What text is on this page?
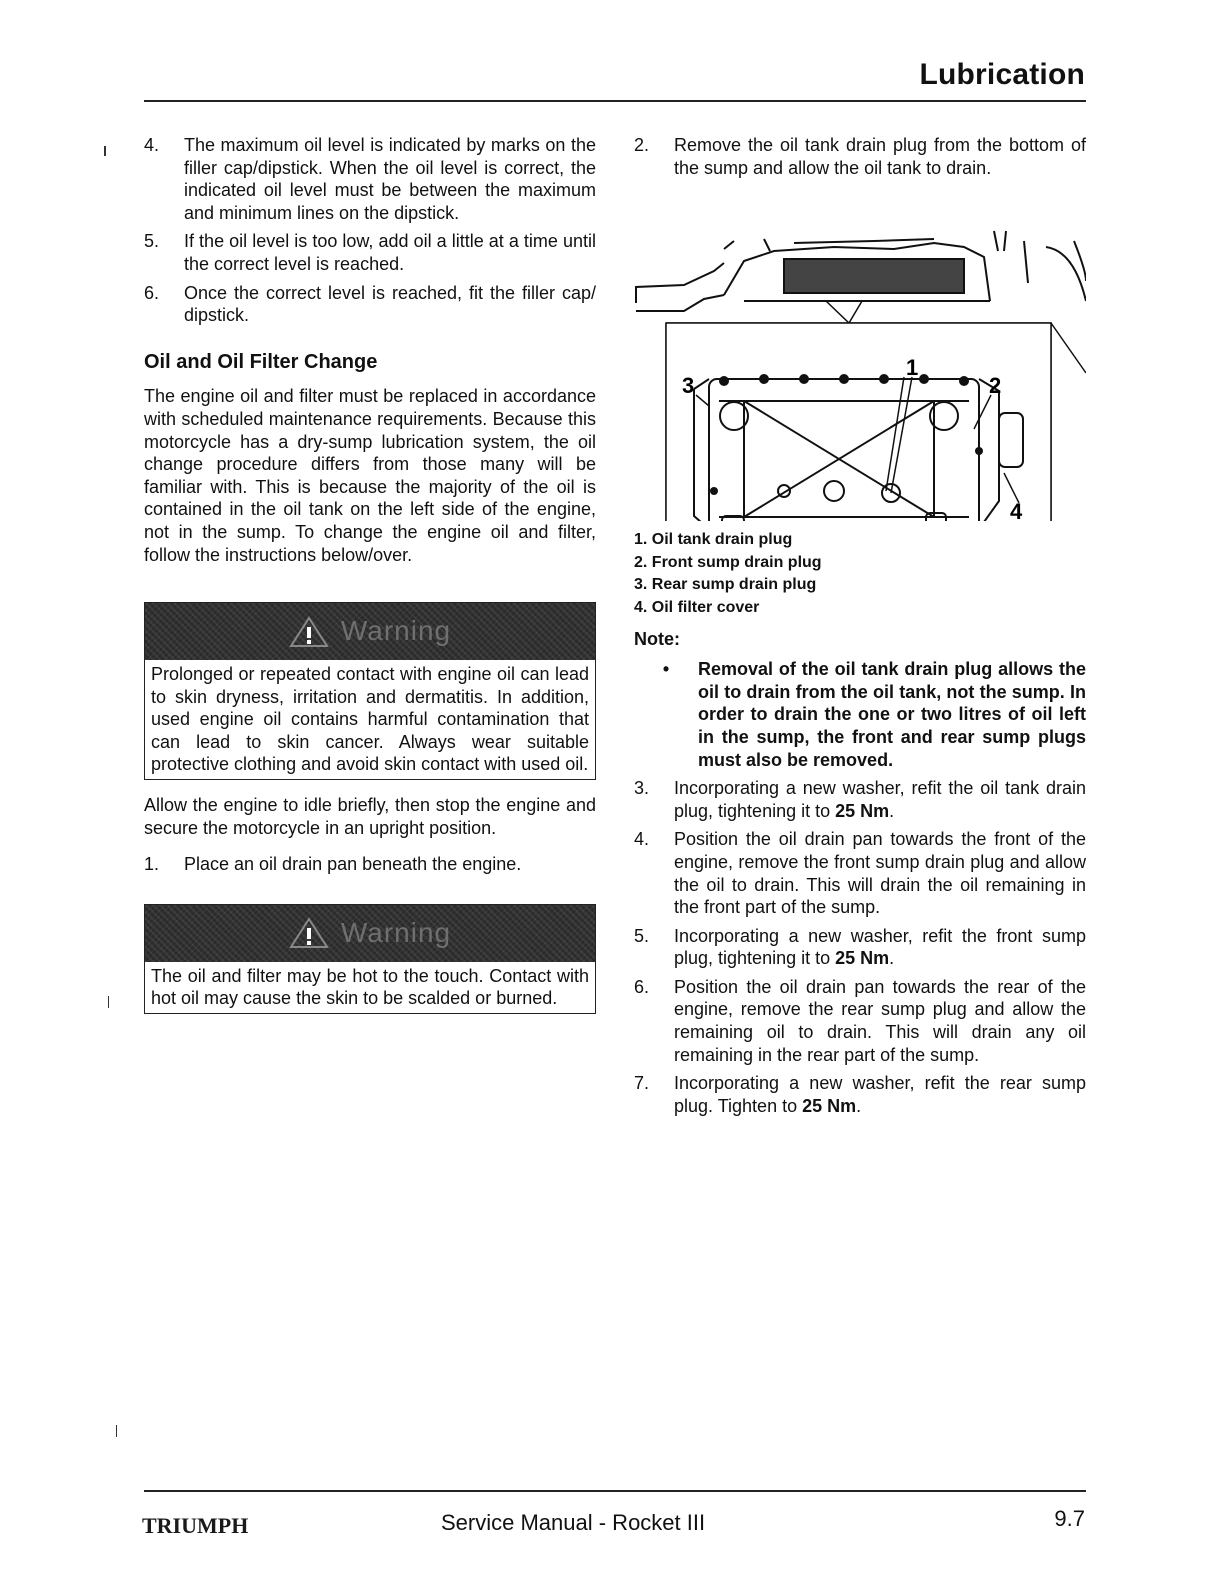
Lubrication
4.	The maximum oil level is indicated by marks on the filler cap/dipstick. When the oil level is correct, the indicated oil level must be between the maximum and minimum lines on the dipstick.
5.	If the oil level is too low, add oil a little at a time until the correct level is reached.
6.	Once the correct level is reached, fit the filler cap/ dipstick.
Oil and Oil Filter Change

The engine oil and filter must be replaced in accordance with scheduled maintenance requirements. Because this motorcycle has a dry-sump lubrication system, the oil change procedure differs from those many will be familiar with. This is because the majority of the oil is contained in the oil tank on the left side of the engine, not in the sump. To change the engine oil and filter, follow the instructions below/over.

Warning
Prolonged or repeated contact with engine oil can lead to skin dryness, irritation and dermatitis. In addition, used engine oil contains harmful contamination that can lead to skin cancer. Always wear suitable protective clothing and avoid skin contact with used oil.

Allow the engine to idle briefly, then stop the engine and secure the motorcycle in an upright position.

1.	Place an oil drain pan beneath the engine.
Warning
The oil and filter may be hot to the touch. Contact with hot oil may cause the skin to be scalded or burned.
2.	Remove the oil tank drain plug from the bottom of the sump and allow the oil tank to drain.
1
2
3
4
1. Oil tank drain plug
2. Front sump drain plug
3. Rear sump drain plug
4. Oil filter cover
Note:
•	Removal of the oil tank drain plug allows the oil to drain from the oil tank, not the sump. In order to drain the one or two litres of oil left in the sump, the front and rear sump plugs must also be removed.
3.	Incorporating a new washer, refit the oil tank drain plug, tightening it to 25 Nm.
4.	Position the oil drain pan towards the front of the engine, remove the front sump drain plug and allow the oil to drain. This will drain the oil remaining in the front part of the sump.
5.	Incorporating a new washer, refit the front sump plug, tightening it to 25 Nm.
6.	Position the oil drain pan towards the rear of the engine, remove the rear sump plug and allow the remaining oil to drain. This will drain any oil remaining in the rear part of the sump.
7.	Incorporating a new washer, refit the rear sump plug. Tighten to 25 Nm.
TRIUMPH	Service Manual - Rocket III	9.7
